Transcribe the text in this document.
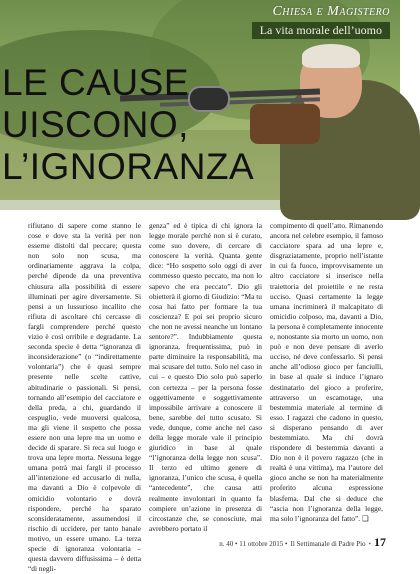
Chiesa e Magistero
La vita morale dell’uomo
LE CAUSE
UISCONO,
L’IGNORANZA

rifiutano di sapere come stanno le cose e dove sta la verità per non esserne distolti dal peccare; questa non solo non scusa, ma ordinariamente aggrava la colpa, perché dipende da una preventiva chiusura alla possibilità di essere illuminati per agire diversamente. Si pensi a un lussurioso incallito che rifiuta di ascoltare chi cercasse di fargli comprendere perché questo vizio è così orribile e degradante. La seconda specie è detta “ignoranza di inconsiderazione” (o “indirettamente volontaria”) che è quasi sempre presente nelle scelte cattive, abitudinarie o passionali. Si pensi, tornando all’esempio del cacciatore e della preda, a chi, guardando il cespuglio, vede muoversi qualcosa, ma gli viene il sospetto che possa essere non una lepre ma un uomo e decide di sparare. Si reca sul luogo e trova una lepre morta. Nessuna legge umana potrà mai fargli il processo all’intenzione ed accusarlo di nulla, ma davanti a Dio è colpevole di omicidio volontario e dovrà rispondere, perché ha sparato sconsideratamente, assumendosi il rischio di uccidere, per tanto banale motivo, un essere umano. La terza specie di ignoranza volontaria – questa davvero diffusissima – è detta “di negli-

genza” ed è tipica di chi ignora la legge morale perché non si è curato, come suo dovere, di cercare di conoscere la verità. Quanta gente dice: “Ho sospetto solo oggi di aver commesso questo peccato, ma non lo sapevo che era peccato”. Dio gli obietterà il giorno di Giudizio: “Ma tu cosa hai fatto per formare la tua coscienza? E poi sei proprio sicuro che non ne avessi neanche un lontano sentore?”. Indubbiamente questa ignoranza, frequentissima, può in parte diminuire la responsabilità, ma mai scusare del tutto. Solo nel caso in cui – e questo Dio solo può saperlo con certezza – per la persona fosse oggettivamente e soggettivamente impossibile arrivare a conoscere il bene, sarebbe del tutto scusato. Si vede, dunque, come anche nel caso della legge morale vale il principio giuridico in base al quale “l’ignoranza della legge non scusa”. Il terzo ed ultimo genere di ignoranza, l’unico che scusa, è quella “antecedente”, che causa atti realmente involontari in quanto fa compiere un’azione in presenza di circostanze che, se conosciute, mai avrebbero portato il

compimento di quell’atto. Rimanendo ancora nel celebre esempio, il famoso cacciatore spara ad una lepre e, disgraziatamente, proprio nell’istante in cui fa fuoco, improvvisamente un altro cacciatore si inserisce nella traiettoria del proiettile e ne resta ucciso. Quasi certamente la legge umana incriminerà il malcapitato di omicidio colposo, ma, davanti a Dio, la persona è completamente innocente e, nonostante sia morto un uomo, non può e non deve pensare di averlo ucciso, né deve confessarlo. Si pensi anche all’odioso gioco per fanciulli, in base al quale si induce l’ignaro destinatario del gioco a proferire, attraverso un escamotage, una bestemmia materiale al termine di esso. I ragazzi che cadono in questo, si disperano pensando di aver bestemmiato. Ma chi dovrà rispondere di bestemmia davanti a Dio non è il povero ragazzo (che in realtà è una vittima), ma l’autore del gioco anche se non ha materialmente proferito alcuna espressione blasfema. Dal che si deduce che “ascia non l’ignoranza della legge, ma solo l’ignoranza del fatto”. ❏

n. 40 • 11 ottobre 2015 • Il Settimanale di Padre Pio • 17
